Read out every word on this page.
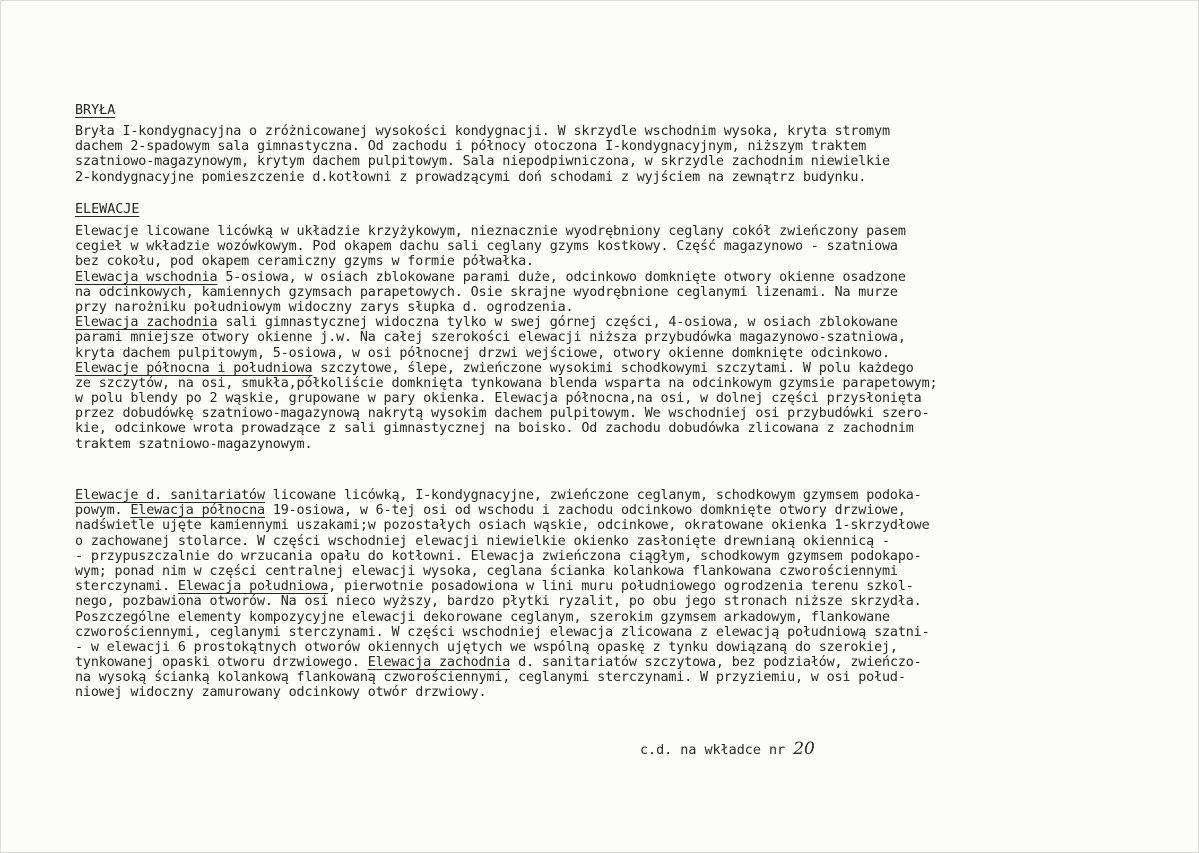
BRYŁA
Bryła I-kondygnacyjna o zróżnicowanej wysokości kondygnacji. W skrzydle wschodnim wysoka, kryta stromym
dachem 2-spadowym sala gimnastyczna. Od zachodu i północy otoczona I-kondygnacyjnym, niższym traktem
szatniowo-magazynowym, krytym dachem pulpitowym. Sala niepodpiwniczona, w skrzydle zachodnim niewielkie
2-kondygnacyjne pomieszczenie d.kotłowni z prowadzącymi doń schodami z wyjściem na zewnątrz budynku.
ELEWACJE
Elewacje licowane licówką w układzie krzyżykowym, nieznacznie wyodrębniony ceglany cokół zwieńczony pasem
cegieł w wkładzie wozówkowym. Pod okapem dachu sali ceglany gzyms kostkowy. Część magazynowo - szatniowa
bez cokołu, pod okapem ceramiczny gzyms w formie półwałka.
Elewacja wschodnia 5-osiowa, w osiach zblokowane parami duże, odcinkowo domknięte otwory okienne osadzone
na odcinkowych, kamiennych gzymsach parapetowych. Osie skrajne wyodrębnione ceglanymi lizenami. Na murze
przy narożniku południowym widoczny zarys słupka d. ogrodzenia.
Elewacja zachodnia sali gimnastycznej widoczna tylko w swej górnej części, 4-osiowa, w osiach zblokowane
parami mniejsze otwory okienne j.w. Na całej szerokości elewacji niższa przybudówka magazynowo-szatniowa,
kryta dachem pulpitowym, 5-osiowa, w osi północnej drzwi wejściowe, otwory okienne domknięte odcinkowo.
Elewacje północna i południowa szczytowe, ślepe, zwieńczone wysokimi schodkowymi szczytami. W polu każdego
ze szczytów, na osi, smukła,półkoliście domknięta tynkowana blenda wsparta na odcinkowym gzymsie parapetowym;
w polu blendy po 2 wąskie, grupowane w pary okienka. Elewacja północna,na osi, w dolnej części przysłonięta
przez dobudówkę szatniowo-magazynową nakrytą wysokim dachem pulpitowym. We wschodniej osi przybudówki szero-
kie, odcinkowe wrota prowadzące z sali gimnastycznej na boisko. Od zachodu dobudówka zlicowana z zachodnim
traktem szatniowo-magazynowym.
Elewacje d. sanitariatów licowane licówką, I-kondygnacyjne, zwieńczone ceglanym, schodkowym gzymsem podoka-
powym. Elewacja północna 19-osiowa, w 6-tej osi od wschodu i zachodu odcinkowo domknięte otwory drzwiowe,
nadświetle ujęte kamiennymi uszakami;w pozostałych osiach wąskie, odcinkowe, okratowane okienka 1-skrzydłowe
o zachowanej stolarce. W części wschodniej elewacji niewielkie okienko zasłonięte drewnianą okiennicą -
- przypuszczalnie do wrzucania opału do kotłowni. Elewacja zwieńczona ciągłym, schodkowym gzymsem podokapo-
wym; ponad nim w części centralnej elewacji wysoka, ceglana ścianka kolankowa flankowana czworościennymi
sterczynami. Elewacja południowa, pierwotnie posadowiona w lini muru południowego ogrodzenia terenu szkol-
nego, pozbawiona otworów. Na osi nieco wyższy, bardzo płytki ryzalit, po obu jego stronach niższe skrzydła.
Poszczególne elementy kompozycyjne elewacji dekorowane ceglanym, szerokim gzymsem arkadowym, flankowane
czworościennymi, ceglanymi sterczynami. W części wschodniej elewacja zlicowana z elewacją południową szatni-
- w elewacji 6 prostokątnych otworów okiennych ujętych we wspólną opaskę z tynku dowiązaną do szerokiej,
tynkowanej opaski otworu drzwiowego. Elewacja zachodnia d. sanitariatów szczytowa, bez podziałów, zwieńczo-
na wysoką ścianką kolankową flankowaną czworościennymi, ceglanymi sterczynami. W przyziemiu, w osi połud-
niowej widoczny zamurowany odcinkowy otwór drzwiowy.
c.d. na wkładce nr 20
